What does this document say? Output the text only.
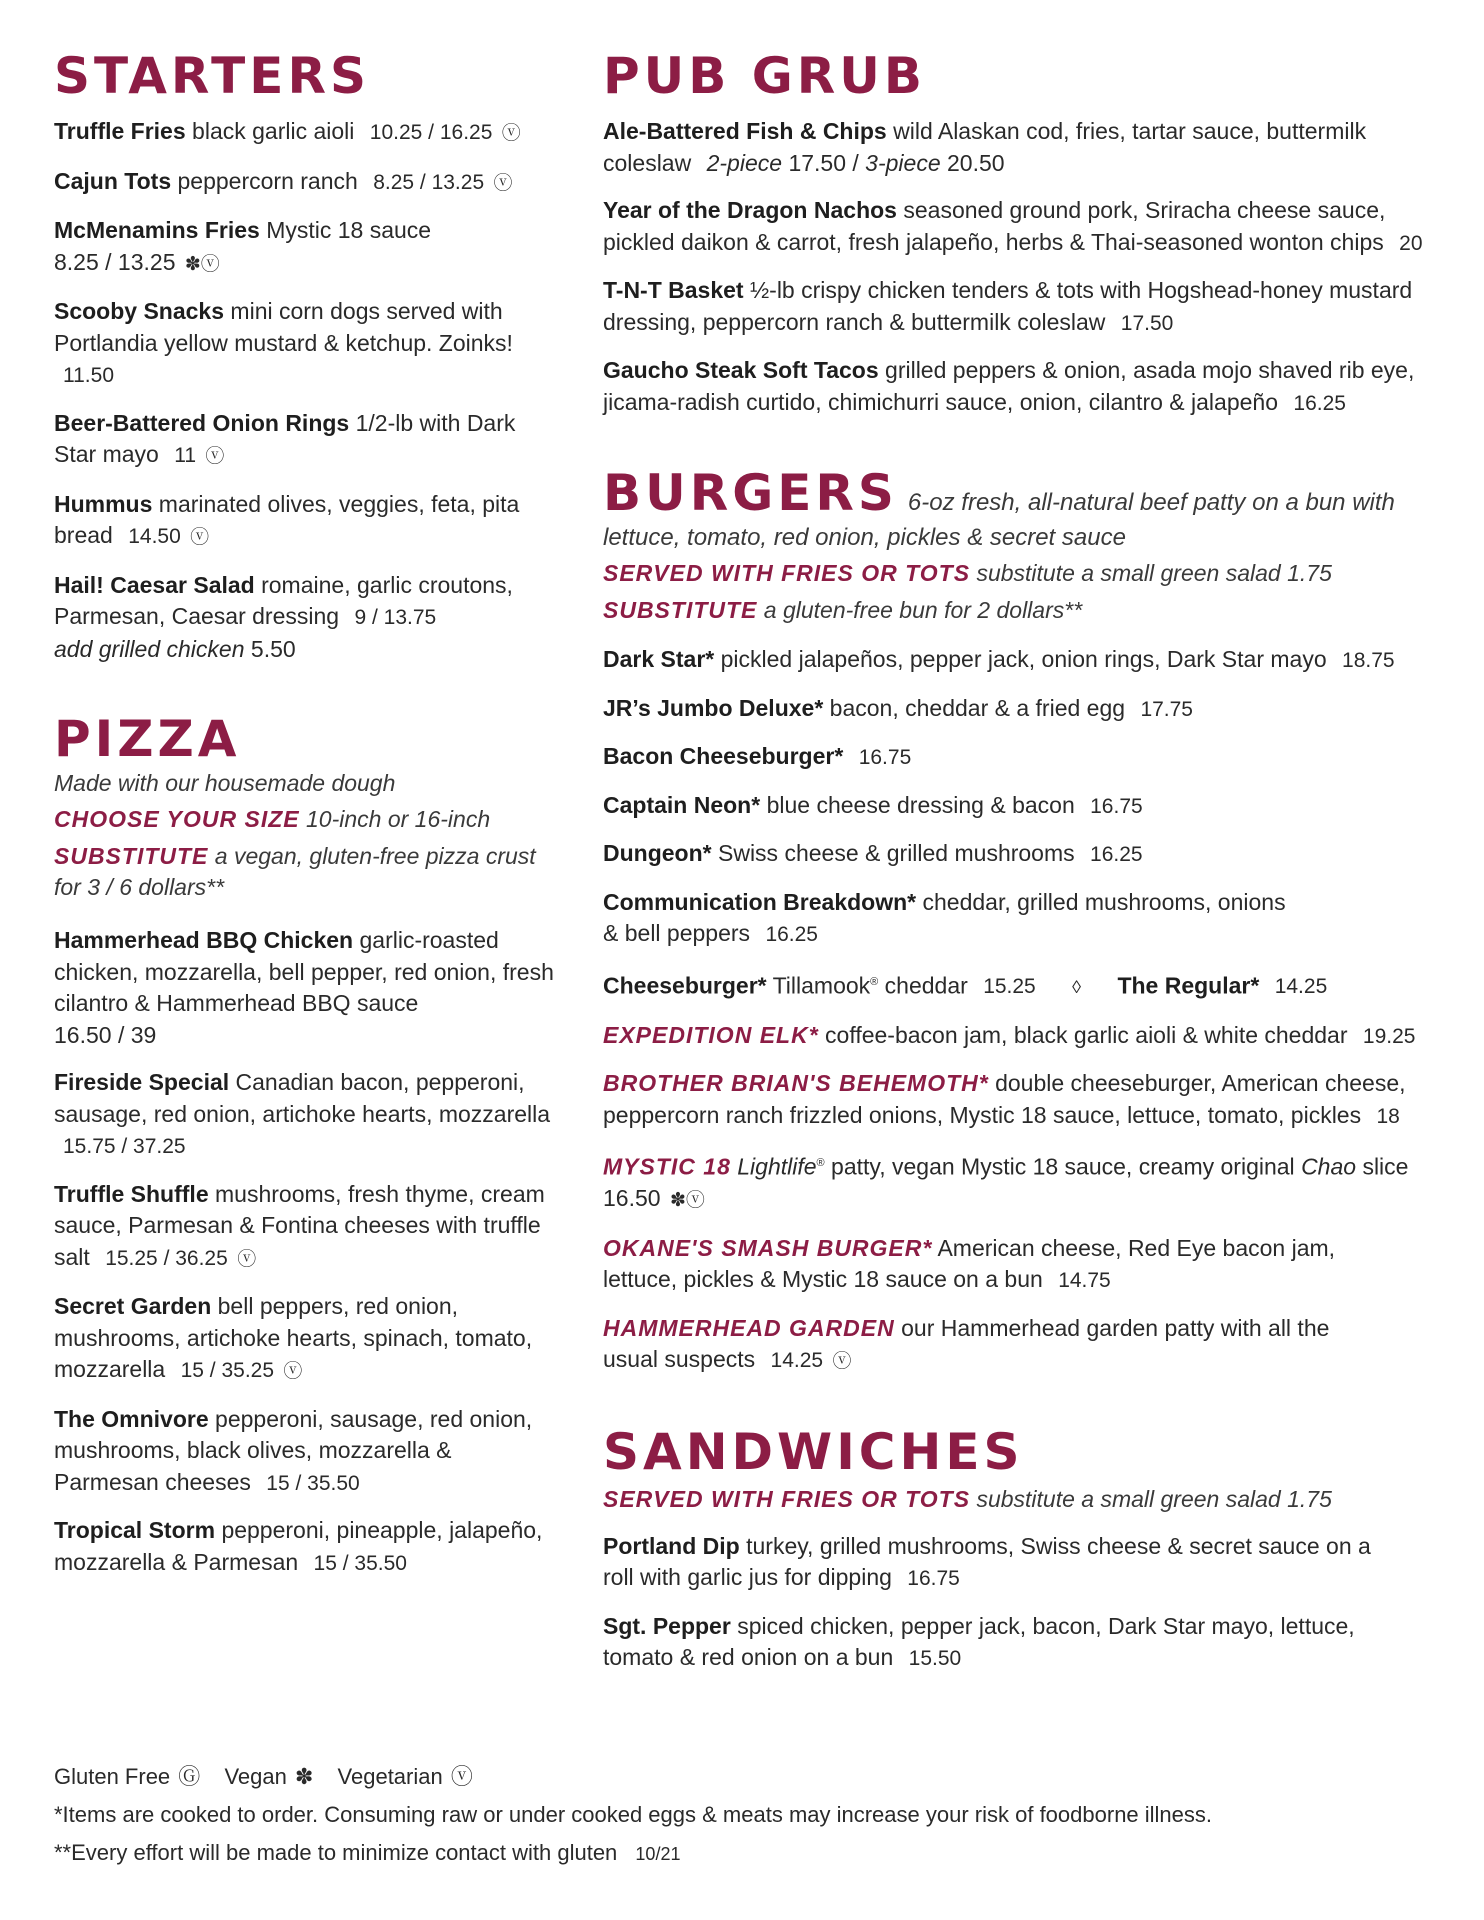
STARTERS
Truffle Fries black garlic aioli 10.25 / 16.25 ⓥ
Cajun Tots peppercorn ranch 8.25 / 13.25 ⓥ
McMenamins Fries Mystic 18 sauce
8.25 / 13.25 ✽ⓥ
Scooby Snacks mini corn dogs served with Portlandia yellow mustard & ketchup. Zoinks! 11.50
Beer-Battered Onion Rings 1/2-lb with Dark Star mayo 11 ⓥ
Hummus marinated olives, veggies, feta, pita bread 14.50 ⓥ
Hail! Caesar Salad romaine, garlic croutons, Parmesan, Caesar dressing 9 / 13.75
add grilled chicken 5.50
PIZZA
Made with our housemade dough
CHOOSE YOUR SIZE 10-inch or 16-inch
SUBSTITUTE a vegan, gluten-free pizza crust for 3 / 6 dollars**
Hammerhead BBQ Chicken garlic-roasted chicken, mozzarella, bell pepper, red onion, fresh cilantro & Hammerhead BBQ sauce
16.50 / 39
Fireside Special Canadian bacon, pepperoni, sausage, red onion, artichoke hearts, mozzarella 15.75 / 37.25
Truffle Shuffle mushrooms, fresh thyme, cream sauce, Parmesan & Fontina cheeses with truffle salt 15.25 / 36.25 ⓥ
Secret Garden bell peppers, red onion, mushrooms, artichoke hearts, spinach, tomato, mozzarella 15 / 35.25 ⓥ
The Omnivore pepperoni, sausage, red onion, mushrooms, black olives, mozzarella & Parmesan cheeses 15 / 35.50
Tropical Storm pepperoni, pineapple, jalapeño, mozzarella & Parmesan 15 / 35.50
PUB GRUB
Ale-Battered Fish & Chips wild Alaskan cod, fries, tartar sauce, buttermilk coleslaw 2-piece 17.50 / 3-piece 20.50
Year of the Dragon Nachos seasoned ground pork, Sriracha cheese sauce, pickled daikon & carrot, fresh jalapeño, herbs & Thai-seasoned wonton chips 20
T-N-T Basket ½-lb crispy chicken tenders & tots with Hogshead-honey mustard dressing, peppercorn ranch & buttermilk coleslaw 17.50
Gaucho Steak Soft Tacos grilled peppers & onion, asada mojo shaved rib eye, jicama-radish curtido, chimichurri sauce, onion, cilantro & jalapeño 16.25
BURGERS 6-oz fresh, all-natural beef patty on a bun with
lettuce, tomato, red onion, pickles & secret sauce
SERVED WITH FRIES OR TOTS substitute a small green salad 1.75
SUBSTITUTE a gluten-free bun for 2 dollars**
Dark Star* pickled jalapeños, pepper jack, onion rings, Dark Star mayo 18.75
JR’s Jumbo Deluxe* bacon, cheddar & a fried egg 17.75
Bacon Cheeseburger* 16.75
Captain Neon* blue cheese dressing & bacon 16.75
Dungeon* Swiss cheese & grilled mushrooms 16.25
Communication Breakdown* cheddar, grilled mushrooms, onions & bell peppers 16.25
Cheeseburger* Tillamook® cheddar 15.25 ◊ The Regular* 14.25
EXPEDITION ELK* coffee-bacon jam, black garlic aioli & white cheddar 19.25
BROTHER BRIAN'S BEHEMOTH* double cheeseburger, American cheese, peppercorn ranch frizzled onions, Mystic 18 sauce, lettuce, tomato, pickles 18
MYSTIC 18 Lightlife® patty, vegan Mystic 18 sauce, creamy original Chao slice
16.50 ✽ⓥ
OKANE'S SMASH BURGER* American cheese, Red Eye bacon jam, lettuce, pickles & Mystic 18 sauce on a bun 14.75
HAMMERHEAD GARDEN our Hammerhead garden patty with all the usual suspects 14.25 ⓥ
SANDWICHES
SERVED WITH FRIES OR TOTS substitute a small green salad 1.75
Portland Dip turkey, grilled mushrooms, Swiss cheese & secret sauce on a roll with garlic jus for dipping 16.75
Sgt. Pepper spiced chicken, pepper jack, bacon, Dark Star mayo, lettuce, tomato & red onion on a bun 15.50
Gluten Free Ⓖ Vegan ✽ Vegetarian ⓥ
*Items are cooked to order. Consuming raw or under cooked eggs & meats may increase your risk of foodborne illness.
**Every effort will be made to minimize contact with gluten 10/21
